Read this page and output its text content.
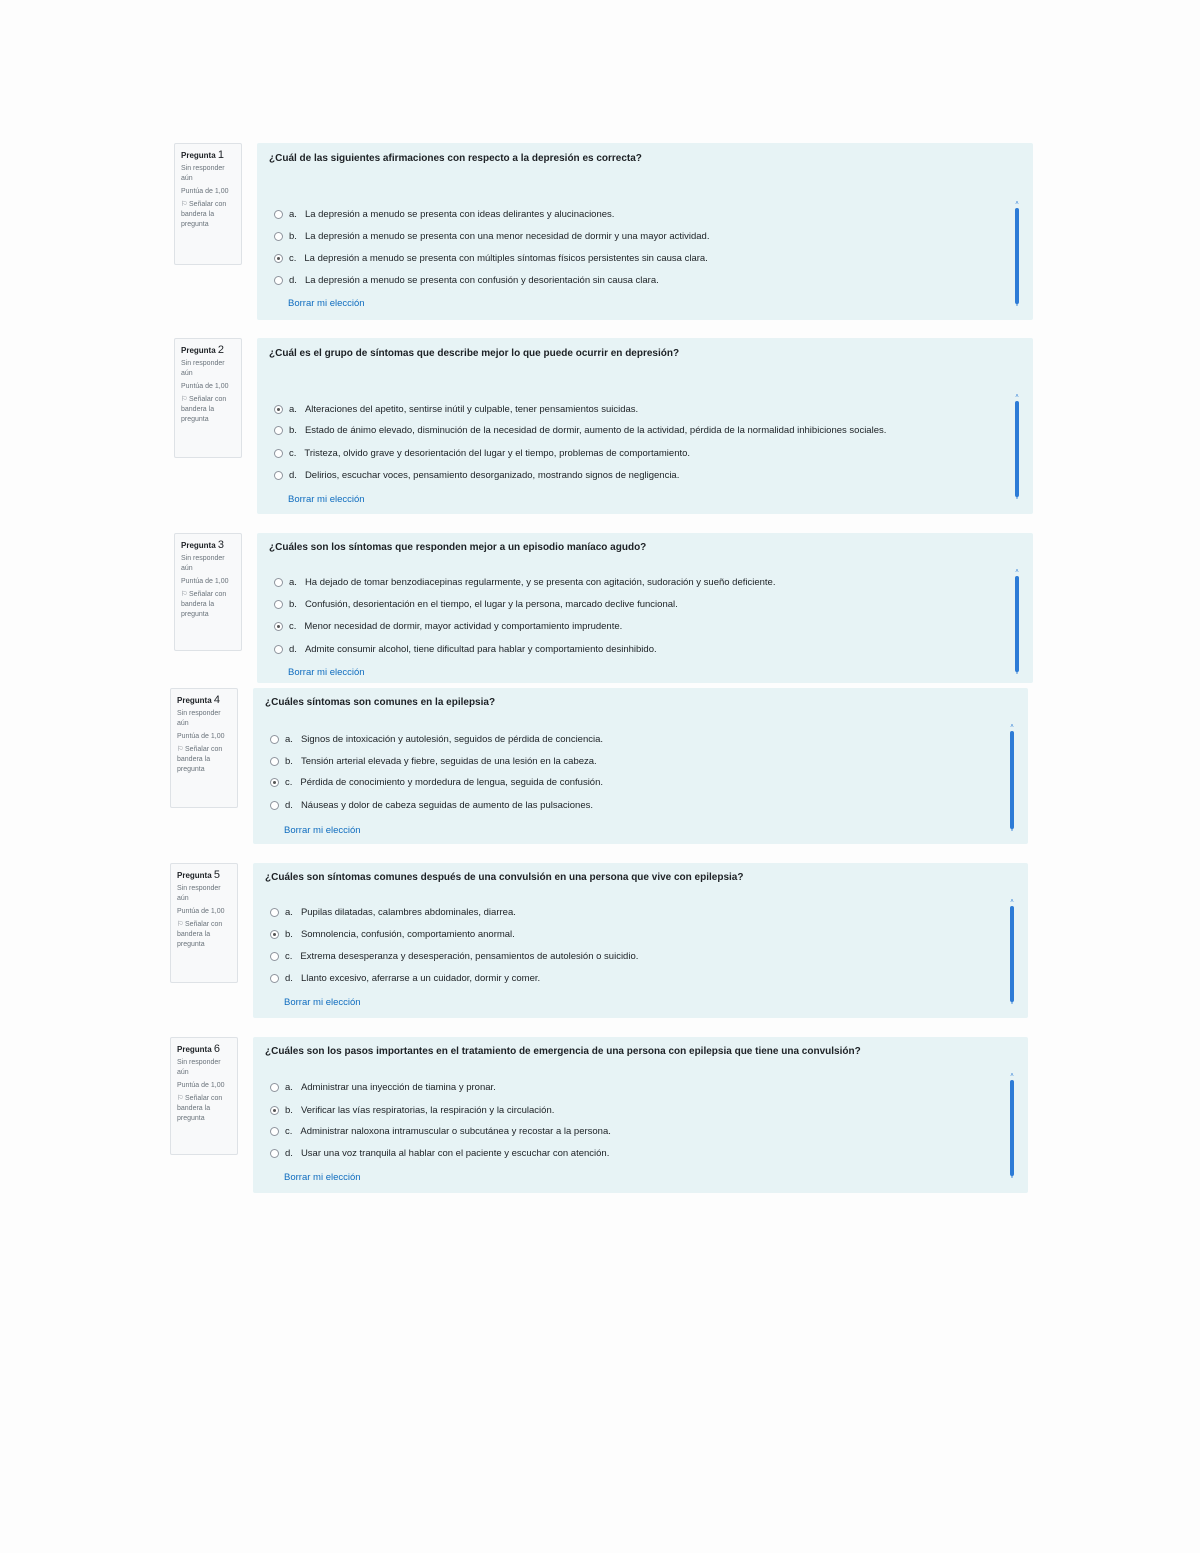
Pregunta 1
Sin responder aún
Puntúa de 1,00
⚐ Señalar con bandera la pregunta
¿Cuál de las siguientes afirmaciones con respecto a la depresión es correcta?
a. La depresión a menudo se presenta con ideas delirantes y alucinaciones.
b. La depresión a menudo se presenta con una menor necesidad de dormir y una mayor actividad.
c. La depresión a menudo se presenta con múltiples síntomas físicos persistentes sin causa clara.
d. La depresión a menudo se presenta con confusión y desorientación sin causa clara.
Borrar mi elección
˄
˅
Pregunta 2
Sin responder aún
Puntúa de 1,00
⚐ Señalar con bandera la pregunta
¿Cuál es el grupo de síntomas que describe mejor lo que puede ocurrir en depresión?
a. Alteraciones del apetito, sentirse inútil y culpable, tener pensamientos suicidas.
b. Estado de ánimo elevado, disminución de la necesidad de dormir, aumento de la actividad, pérdida de la normalidad inhibiciones sociales.
c. Tristeza, olvido grave y desorientación del lugar y el tiempo, problemas de comportamiento.
d. Delirios, escuchar voces, pensamiento desorganizado, mostrando signos de negligencia.
Borrar mi elección
˄
˅
Pregunta 3
Sin responder aún
Puntúa de 1,00
⚐ Señalar con bandera la pregunta
¿Cuáles son los síntomas que responden mejor a un episodio maníaco agudo?
a. Ha dejado de tomar benzodiacepinas regularmente, y se presenta con agitación, sudoración y sueño deficiente.
b. Confusión, desorientación en el tiempo, el lugar y la persona, marcado declive funcional.
c. Menor necesidad de dormir, mayor actividad y comportamiento imprudente.
d. Admite consumir alcohol, tiene dificultad para hablar y comportamiento desinhibido.
Borrar mi elección
˄
˅
Pregunta 4
Sin responder aún
Puntúa de 1,00
⚐ Señalar con bandera la pregunta
¿Cuáles síntomas son comunes en la epilepsia?
a. Signos de intoxicación y autolesión, seguidos de pérdida de conciencia.
b. Tensión arterial elevada y fiebre, seguidas de una lesión en la cabeza.
c. Pérdida de conocimiento y mordedura de lengua, seguida de confusión.
d. Náuseas y dolor de cabeza seguidas de aumento de las pulsaciones.
Borrar mi elección
˄
˅
Pregunta 5
Sin responder aún
Puntúa de 1,00
⚐ Señalar con bandera la pregunta
¿Cuáles son síntomas comunes después de una convulsión en una persona que vive con epilepsia?
a. Pupilas dilatadas, calambres abdominales, diarrea.
b. Somnolencia, confusión, comportamiento anormal.
c. Extrema desesperanza y desesperación, pensamientos de autolesión o suicidio.
d. Llanto excesivo, aferrarse a un cuidador, dormir y comer.
Borrar mi elección
˄
˅
Pregunta 6
Sin responder aún
Puntúa de 1,00
⚐ Señalar con bandera la pregunta
¿Cuáles son los pasos importantes en el tratamiento de emergencia de una persona con epilepsia que tiene una convulsión?
a. Administrar una inyección de tiamina y pronar.
b. Verificar las vías respiratorias, la respiración y la circulación.
c. Administrar naloxona intramuscular o subcutánea y recostar a la persona.
d. Usar una voz tranquila al hablar con el paciente y escuchar con atención.
Borrar mi elección
˄
˅
